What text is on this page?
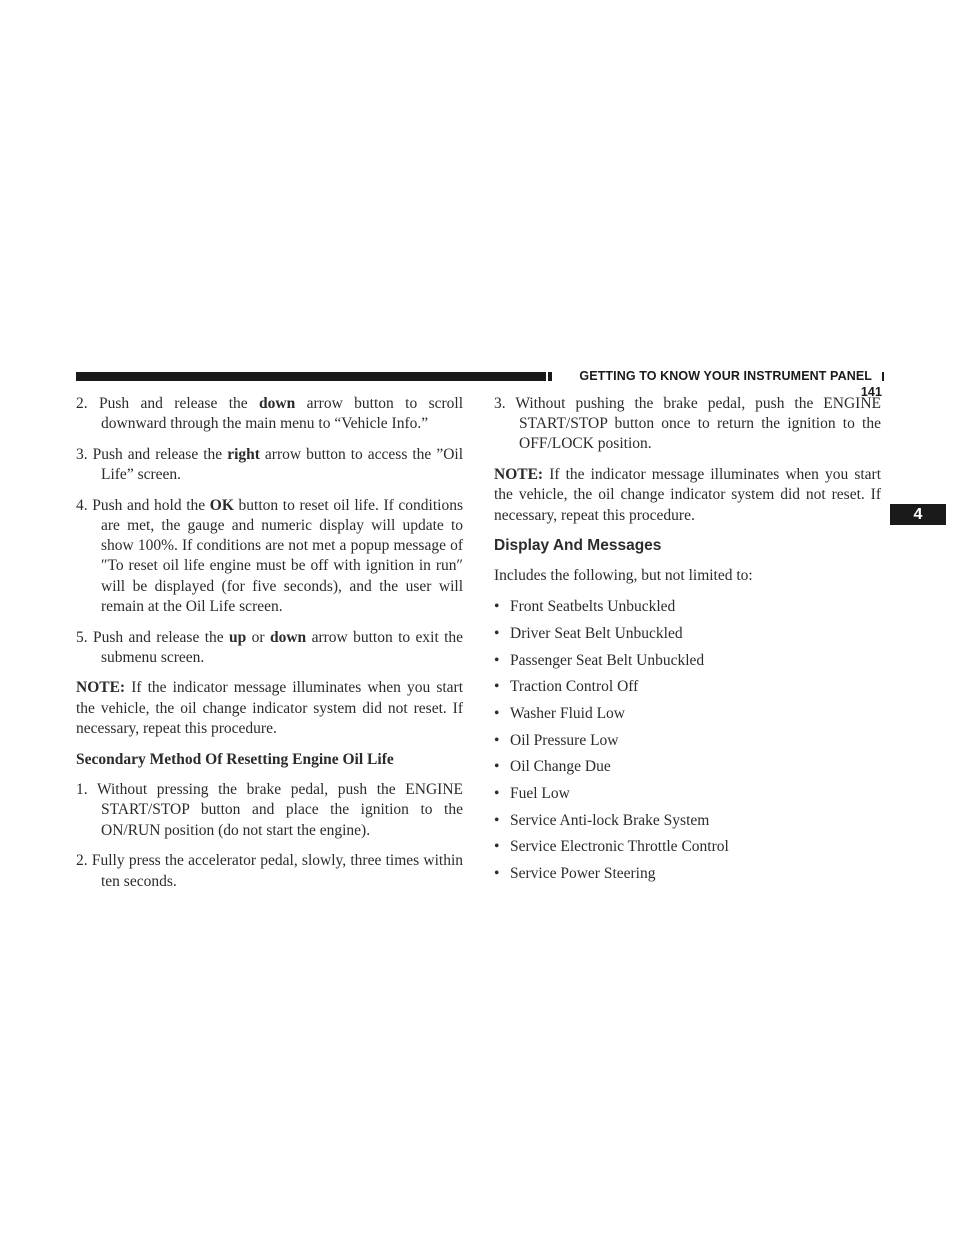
GETTING TO KNOW YOUR INSTRUMENT PANEL141
4
2. Push and release the down arrow button to scroll downward through the main menu to “Vehicle Info.”
3. Push and release the right arrow button to access the ”Oil Life” screen.
4. Push and hold the OK button to reset oil life. If conditions are met, the gauge and numeric display will update to show 100%. If conditions are not met a popup message of ″To reset oil life engine must be off with ignition in run″ will be displayed (for five seconds), and the user will remain at the Oil Life screen.
5. Push and release the up or down arrow button to exit the submenu screen.

NOTE: If the indicator message illuminates when you start the vehicle, the oil change indicator system did not reset. If necessary, repeat this procedure.

Secondary Method Of Resetting Engine Oil Life
1. Without pressing the brake pedal, push the ENGINE START/STOP button and place the ignition to the ON/RUN position (do not start the engine).
2. Fully press the accelerator pedal, slowly, three times within ten seconds.
3. Without pushing the brake pedal, push the ENGINE START/STOP button once to return the ignition to the OFF/LOCK position.

NOTE: If the indicator message illuminates when you start the vehicle, the oil change indicator system did not reset. If necessary, repeat this procedure.

Display And Messages

Includes the following, but not limited to:

• Front Seatbelts Unbuckled
• Driver Seat Belt Unbuckled
• Passenger Seat Belt Unbuckled
• Traction Control Off
• Washer Fluid Low
• Oil Pressure Low
• Oil Change Due
• Fuel Low
• Service Anti-lock Brake System
• Service Electronic Throttle Control
• Service Power Steering
